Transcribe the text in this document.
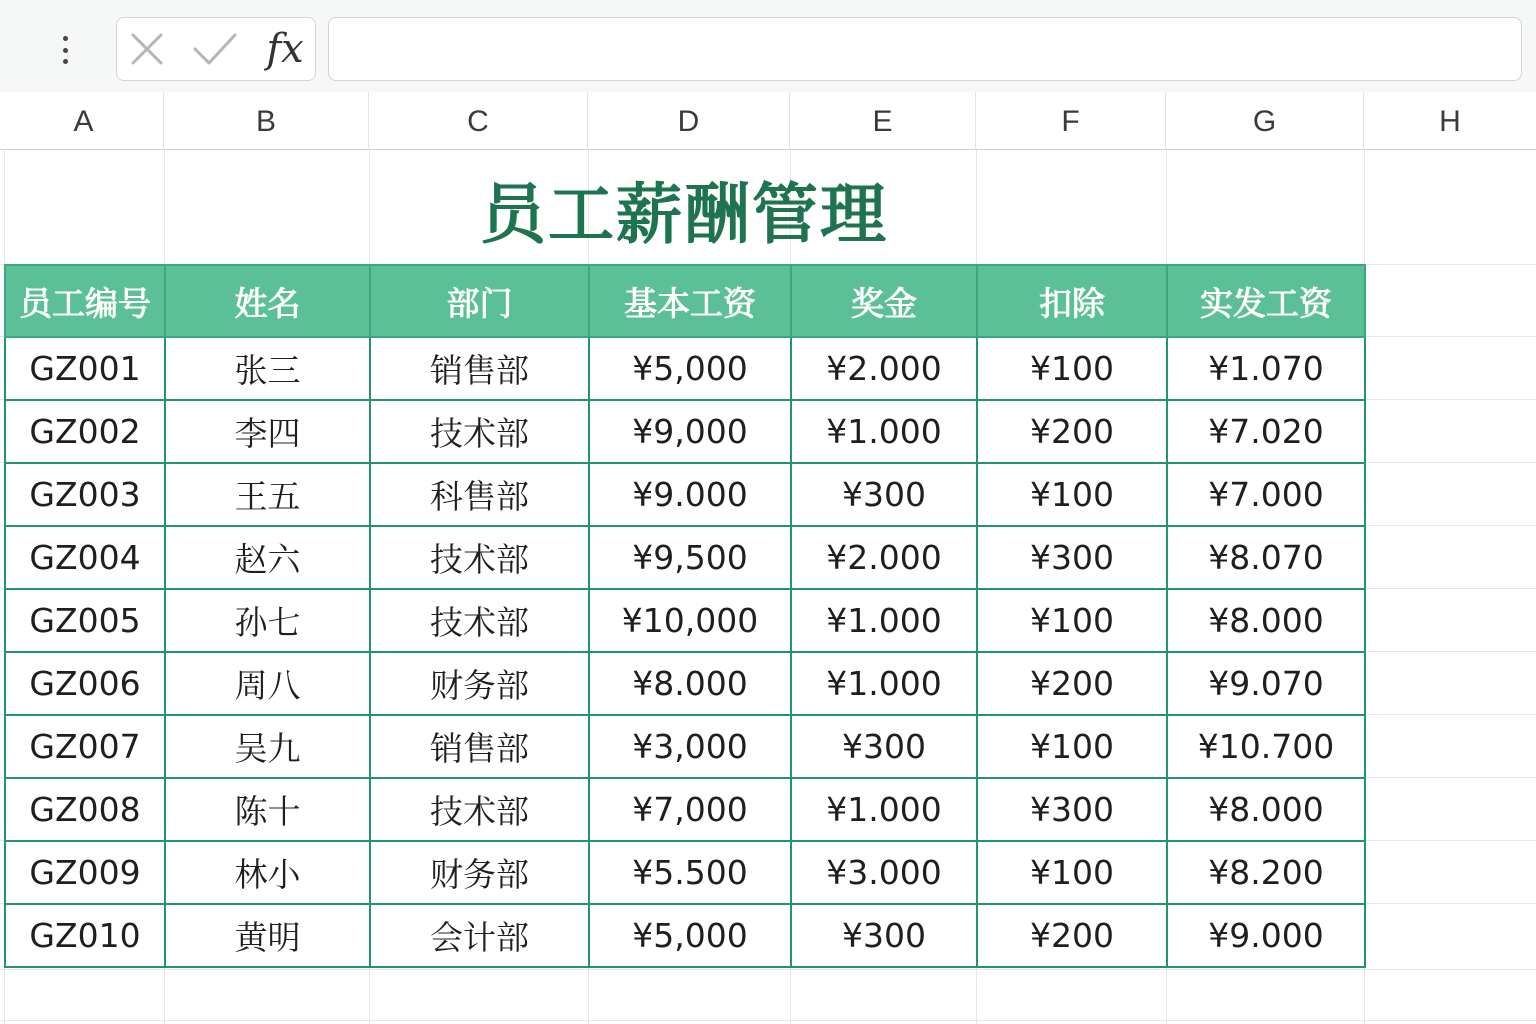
fx
A	B	C	D	E	F	G	H
员工薪酬管理
员工编号	姓名	部门	基本工资	奖金	扣除	实发工资
GZ001	张三	销售部	¥5,000	¥2.000	¥100	¥1.070
GZ002	李四	技术部	¥9,000	¥1.000	¥200	¥7.020
GZ003	王五	科售部	¥9.000	¥300	¥100	¥7.000
GZ004	赵六	技术部	¥9,500	¥2.000	¥300	¥8.070
GZ005	孙七	技术部	¥10,000	¥1.000	¥100	¥8.000
GZ006	周八	财务部	¥8.000	¥1.000	¥200	¥9.070
GZ007	吴九	销售部	¥3,000	¥300	¥100	¥10.700
GZ008	陈十	技术部	¥7,000	¥1.000	¥300	¥8.000
GZ009	林小	财务部	¥5.500	¥3.000	¥100	¥8.200
GZ010	黄明	会计部	¥5,000	¥300	¥200	¥9.000
